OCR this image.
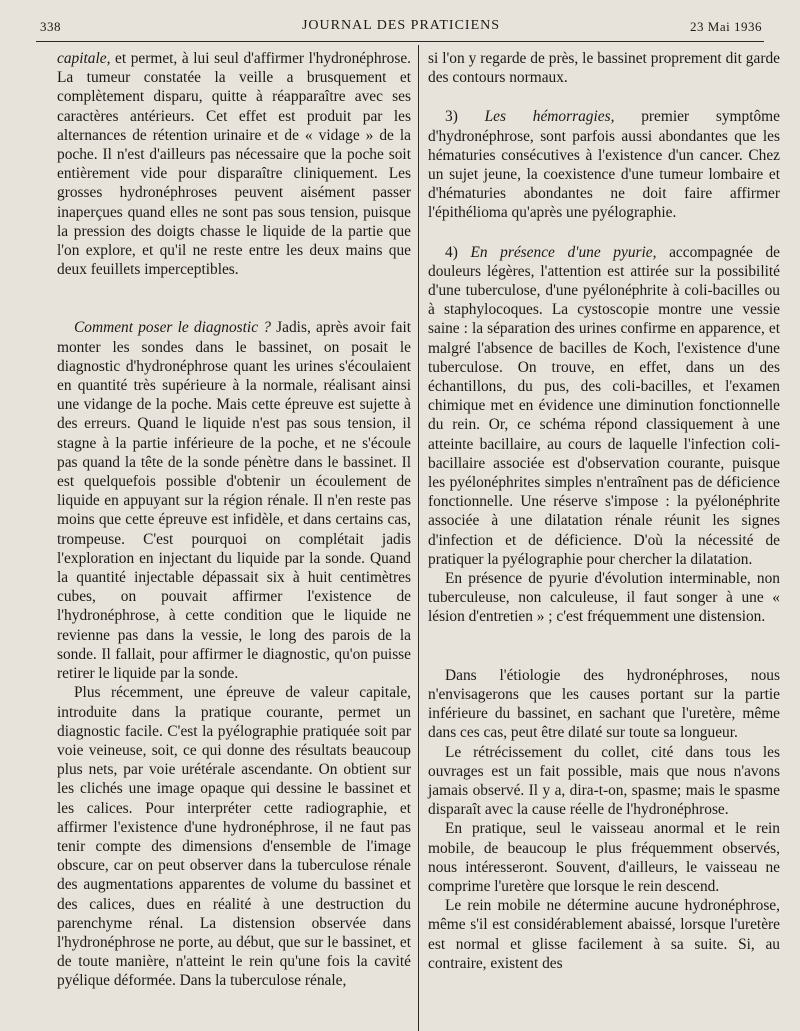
338	JOURNAL DES PRATICIENS	23 Mai 1936

capitale, et permet, à lui seul d'affirmer l'hydronéphrose. La tumeur constatée la veille a brusquement et complètement disparu, quitte à réapparaître avec ses caractères antérieurs. Cet effet est produit par les alternances de rétention urinaire et de « vidage » de la poche. Il n'est d'ailleurs pas nécessaire que la poche soit entièrement vide pour disparaître cliniquement. Les grosses hydronéphroses peuvent aisément passer inaperçues quand elles ne sont pas sous tension, puisque la pression des doigts chasse le liquide de la partie que l'on explore, et qu'il ne reste entre les deux mains que deux feuillets imperceptibles.

Comment poser le diagnostic ? Jadis, après avoir fait monter les sondes dans le bassinet, on posait le diagnostic d'hydronéphrose quant les urines s'écoulaient en quantité très supérieure à la normale, réalisant ainsi une vidange de la poche. Mais cette épreuve est sujette à des erreurs. Quand le liquide n'est pas sous tension, il stagne à la partie inférieure de la poche, et ne s'écoule pas quand la tête de la sonde pénètre dans le bassinet. Il est quelquefois possible d'obtenir un écoulement de liquide en appuyant sur la région rénale. Il n'en reste pas moins que cette épreuve est infidèle, et dans certains cas, trompeuse. C'est pourquoi on complétait jadis l'exploration en injectant du liquide par la sonde. Quand la quantité injectable dépassait six à huit centimètres cubes, on pouvait affirmer l'existence de l'hydronéphrose, à cette condition que le liquide ne revienne pas dans la vessie, le long des parois de la sonde. Il fallait, pour affirmer le diagnostic, qu'on puisse retirer le liquide par la sonde.

Plus récemment, une épreuve de valeur capitale, introduite dans la pratique courante, permet un diagnostic facile. C'est la pyélographie pratiquée soit par voie veineuse, soit, ce qui donne des résultats beaucoup plus nets, par voie urétérale ascendante. On obtient sur les clichés une image opaque qui dessine le bassinet et les calices. Pour interpréter cette radiographie, et affirmer l'existence d'une hydronéphrose, il ne faut pas tenir compte des dimensions d'ensemble de l'image obscure, car on peut observer dans la tuberculose rénale des augmentations apparentes de volume du bassinet et des calices, dues en réalité à une destruction du parenchyme rénal. La distension observée dans l'hydronéphrose ne porte, au début, que sur le bassinet, et de toute manière, n'atteint le rein qu'une fois la cavité pyélique déformée. Dans la tuberculose rénale,

si l'on y regarde de près, le bassinet proprement dit garde des contours normaux.

3) Les hémorragies, premier symptôme d'hydronéphrose, sont parfois aussi abondantes que les hématuries consécutives à l'existence d'un cancer. Chez un sujet jeune, la coexistence d'une tumeur lombaire et d'hématuries abondantes ne doit faire affirmer l'épithélioma qu'après une pyélographie.

4) En présence d'une pyurie, accompagnée de douleurs légères, l'attention est attirée sur la possibilité d'une tuberculose, d'une pyélonéphrite à coli-bacilles ou à staphylocoques. La cystoscopie montre une vessie saine : la séparation des urines confirme en apparence, et malgré l'absence de bacilles de Koch, l'existence d'une tuberculose. On trouve, en effet, dans un des échantillons, du pus, des coli-bacilles, et l'examen chimique met en évidence une diminution fonctionnelle du rein. Or, ce schéma répond classiquement à une atteinte bacillaire, au cours de laquelle l'infection coli-bacillaire associée est d'observation courante, puisque les pyélonéphrites simples n'entraînent pas de déficience fonctionnelle. Une réserve s'impose : la pyélonéphrite associée à une dilatation rénale réunit les signes d'infection et de déficience. D'où la nécessité de pratiquer la pyélographie pour chercher la dilatation.

En présence de pyurie d'évolution interminable, non tuberculeuse, non calculeuse, il faut songer à une « lésion d'entretien » ; c'est fréquemment une distension.

Dans l'étiologie des hydronéphroses, nous n'envisagerons que les causes portant sur la partie inférieure du bassinet, en sachant que l'uretère, même dans ces cas, peut être dilaté sur toute sa longueur.

Le rétrécissement du collet, cité dans tous les ouvrages est un fait possible, mais que nous n'avons jamais observé. Il y a, dira-t-on, spasme; mais le spasme disparaît avec la cause réelle de l'hydronéphrose.

En pratique, seul le vaisseau anormal et le rein mobile, de beaucoup le plus fréquemment observés, nous intéresseront. Souvent, d'ailleurs, le vaisseau ne comprime l'uretère que lorsque le rein descend.

Le rein mobile ne détermine aucune hydronéphrose, même s'il est considérablement abaissé, lorsque l'uretère est normal et glisse facilement à sa suite. Si, au contraire, existent des
